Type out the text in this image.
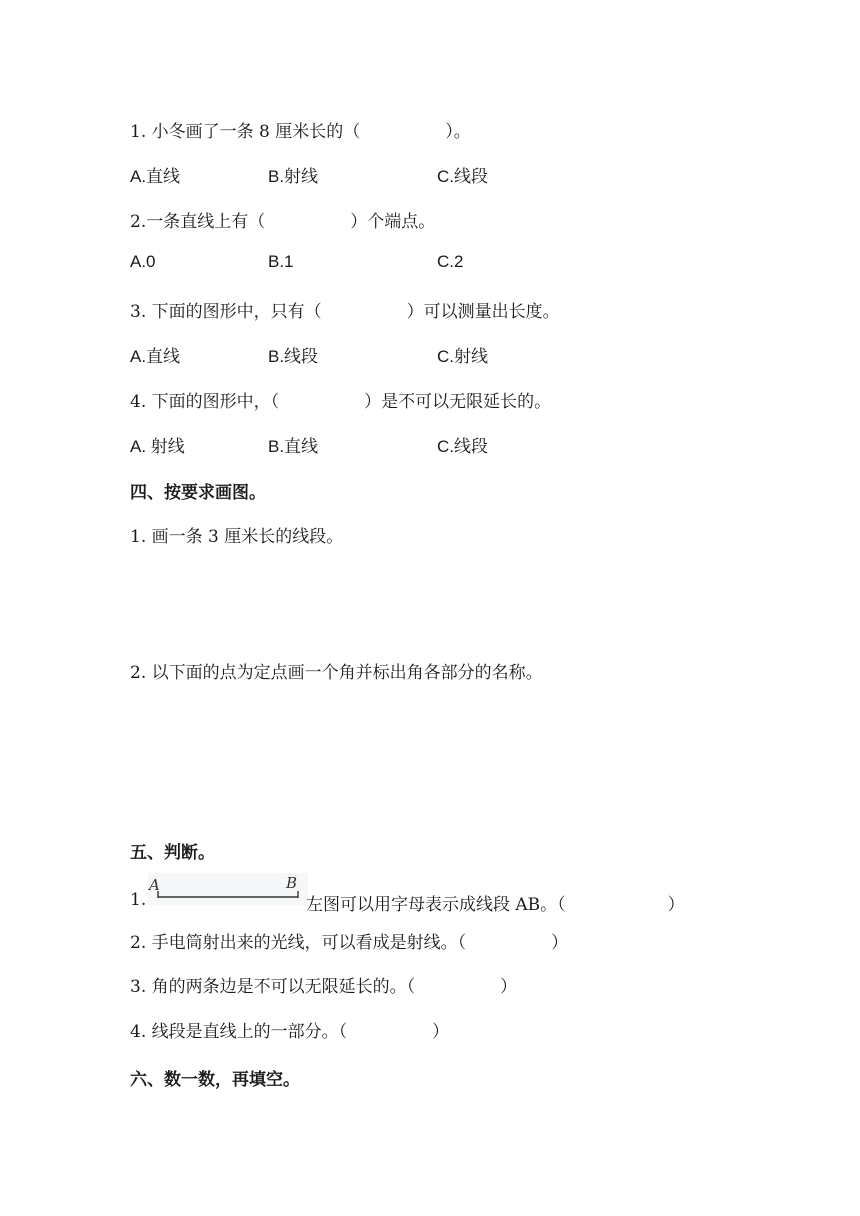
1. 小冬画了一条 8 厘米长的（　　　　　）。
A.直线	B.射线	C.线段
2.一条直线上有（　　　　　）个端点。
A.0	B.1	C.2
3. 下面的图形中，只有（　　　　　）可以测量出长度。
A.直线	B.线段	C.射线
4. 下面的图形中，（　　　　　）是不可以无限延长的。
A. 射线	B.直线	C.线段
四、按要求画图。
1. 画一条 3 厘米长的线段。
2. 以下面的点为定点画一个角并标出角各部分的名称。
五、判断。
1.
A	B
左图可以用字母表示成线段 AB。（　　　　　　）
2. 手电筒射出来的光线，可以看成是射线。（　　　　　）
3. 角的两条边是不可以无限延长的。（　　　　　）
4. 线段是直线上的一部分。（　　　　　）
六、数一数，再填空。
